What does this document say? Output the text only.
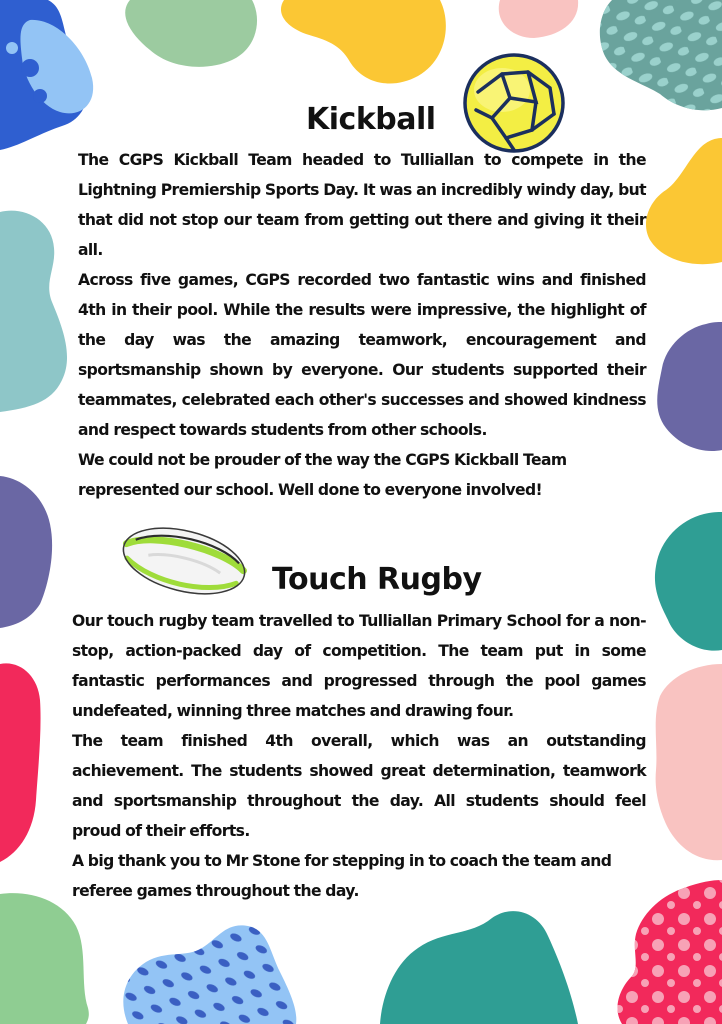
Kickball

The CGPS Kickball Team headed to Tulliallan to compete in the Lightning Premiership Sports Day. It was an incredibly windy day, but that did not stop our team from getting out there and giving it their all.

Across five games, CGPS recorded two fantastic wins and finished 4th in their pool. While the results were impressive, the highlight of the day was the amazing teamwork, encouragement and sportsmanship shown by everyone. Our students supported their teammates, celebrated each other's successes and showed kindness and respect towards students from other schools.

We could not be prouder of the way the CGPS Kickball Team represented our school. Well done to everyone involved!

Touch Rugby

Our touch rugby team travelled to Tulliallan Primary School for a non-stop, action-packed day of competition. The team put in some fantastic performances and progressed through the pool games undefeated, winning three matches and drawing four.

The team finished 4th overall, which was an outstanding achievement. The students showed great determination, teamwork and sportsmanship throughout the day. All students should feel proud of their efforts.

A big thank you to Mr Stone for stepping in to coach the team and referee games throughout the day.
